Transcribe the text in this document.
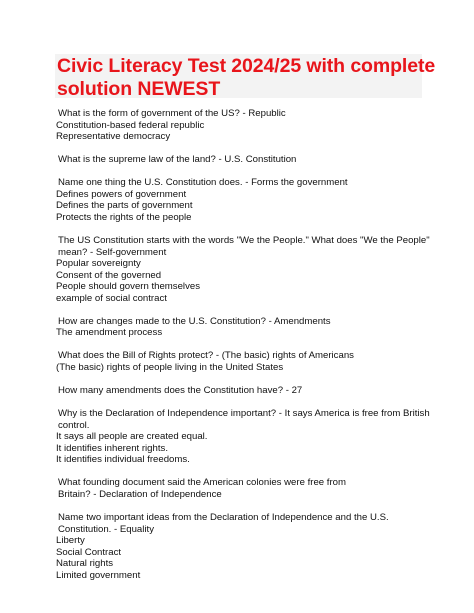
Civic Literacy Test 2024/25 with complete solution NEWEST

What is the form of government of the US? - Republic

Constitution-based federal republic

Representative democracy

What is the supreme law of the land? - U.S. Constitution

Name one thing the U.S. Constitution does. - Forms the government

Defines powers of government

Defines the parts of government

Protects the rights of the people

The US Constitution starts with the words "We the People." What does "We the People" mean? - Self-government

Popular sovereignty

Consent of the governed

People should govern themselves

example of social contract

How are changes made to the U.S. Constitution? - Amendments

The amendment process

What does the Bill of Rights protect? - (The basic) rights of Americans

(The basic) rights of people living in the United States

How many amendments does the Constitution have? - 27

Why is the Declaration of Independence important? - It says America is free from British control.

It says all people are created equal.

It identifies inherent rights.

It identifies individual freedoms.

What founding document said the American colonies were free from Britain? - Declaration of Independence

Name two important ideas from the Declaration of Independence and the U.S. Constitution. - Equality

Liberty

Social Contract

Natural rights

Limited government
